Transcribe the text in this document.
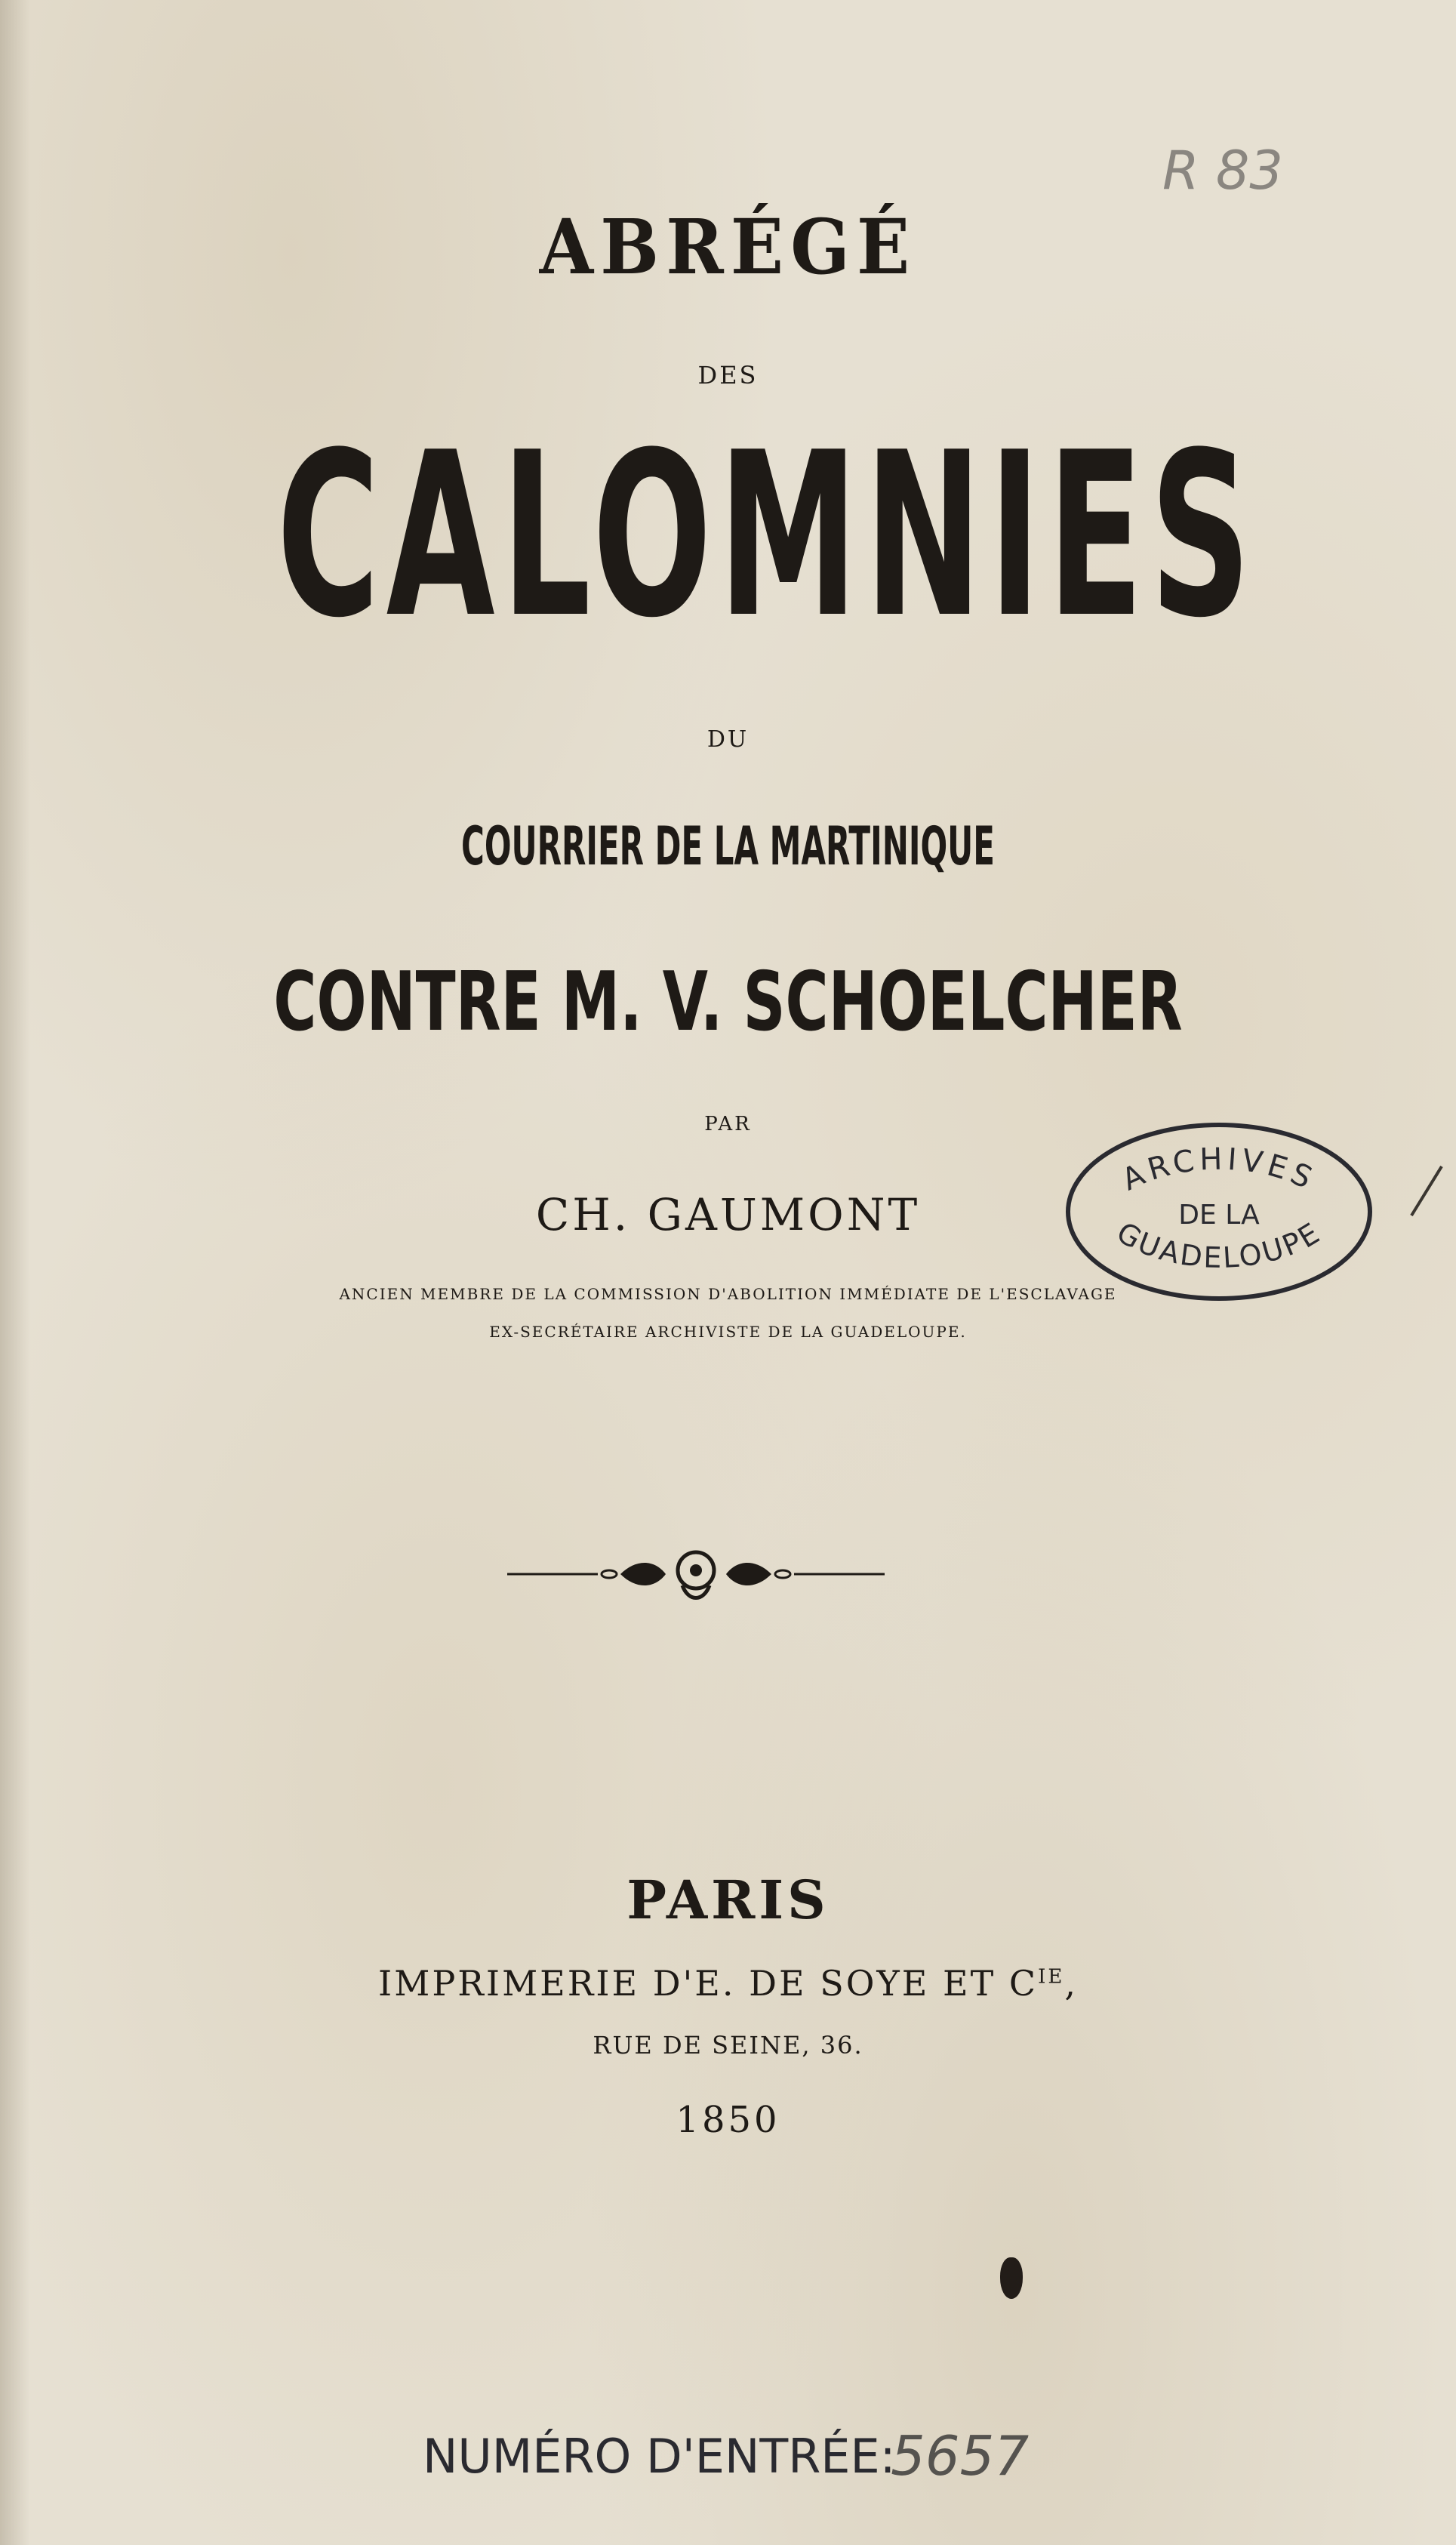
R 83
ABRÉGÉ
DES
CALOMNIES
DU
COURRIER DE LA MARTINIQUE
CONTRE M. V. SCHOELCHER
PAR
CH. GAUMONT
ANCIEN MEMBRE DE LA COMMISSION D'ABOLITION IMMÉDIATE DE L'ESCLAVAGE
EX-SECRÉTAIRE ARCHIVISTE DE LA GUADELOUPE.
ARCHIVES
DE LA
GUADELOUPE
PARIS
IMPRIMERIE D'E. DE SOYE ET $C^{IE}$,
RUE DE SEINE, 36.
1850
NUMÉRO D'ENTRÉE:
5657
